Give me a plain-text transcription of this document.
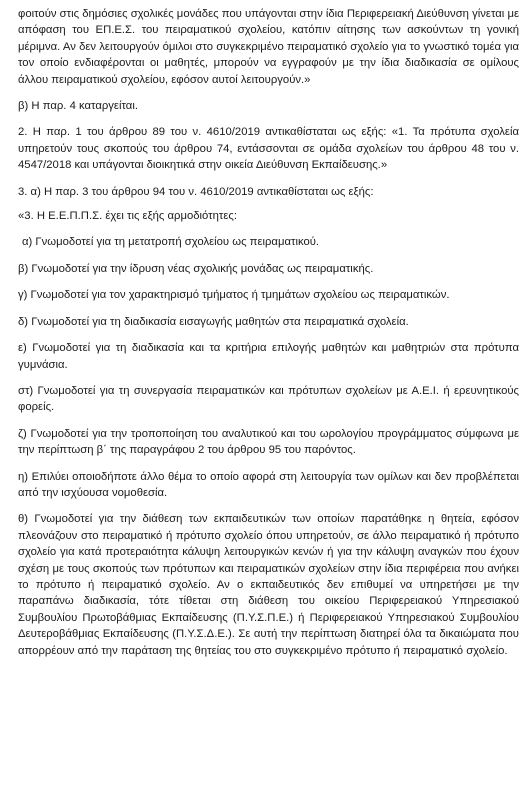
φοιτούν στις δημόσιες σχολικές μονάδες που υπάγονται στην ίδια Περιφερειακή Διεύθυνση γίνεται με απόφαση του ΕΠ.Ε.Σ. του πειραματικού σχολείου, κατόπιν αίτησης των ασκούντων τη γονική μέριμνα. Αν δεν λειτουργούν όμιλοι στο συγκεκριμένο πειραματικό σχολείο για το γνωστικό τομέα για τον οποίο ενδιαφέρονται οι μαθητές, μπορούν να εγγραφούν με την ίδια διαδικασία σε ομίλους άλλου πειραματικού σχολείου, εφόσον αυτοί λειτουργούν.»

β) Η παρ. 4 καταργείται.

2. Η παρ. 1 του άρθρου 89 του ν. 4610/2019 αντικαθίσταται ως εξής: «1. Τα πρότυπα σχολεία υπηρετούν τους σκοπούς του άρθρου 74, εντάσσονται σε ομάδα σχολείων του άρθρου 48 του ν. 4547/2018 και υπάγονται διοικητικά στην οικεία Διεύθυνση Εκπαίδευσης.»

3. α) Η παρ. 3 του άρθρου 94 του ν. 4610/2019 αντικαθίσταται ως εξής:

«3. Η Ε.Ε.Π.Π.Σ. έχει τις εξής αρμοδιότητες:

α) Γνωμοδοτεί για τη μετατροπή σχολείου ως πειραματικού.

β) Γνωμοδοτεί για την ίδρυση νέας σχολικής μονάδας ως πειραματικής.

γ) Γνωμοδοτεί για τον χαρακτηρισμό τμήματος ή τμημάτων σχολείου ως πειραματικών.

δ) Γνωμοδοτεί για τη διαδικασία εισαγωγής μαθητών στα πειραματικά σχολεία.

ε) Γνωμοδοτεί για τη διαδικασία και τα κριτήρια επιλογής μαθητών και μαθητριών στα πρότυπα γυμνάσια.

στ) Γνωμοδοτεί για τη συνεργασία πειραματικών και πρότυπων σχολείων με Α.Ε.Ι. ή ερευνητικούς φορείς.

ζ) Γνωμοδοτεί για την τροποποίηση του αναλυτικού και του ωρολογίου προγράμματος σύμφωνα με την περίπτωση β΄ της παραγράφου 2 του άρθρου 95 του παρόντος.

η) Επιλύει οποιοδήποτε άλλο θέμα το οποίο αφορά στη λειτουργία των ομίλων και δεν προβλέπεται από την ισχύουσα νομοθεσία.

θ) Γνωμοδοτεί για την διάθεση των εκπαιδευτικών των οποίων παρατάθηκε η θητεία, εφόσον πλεονάζουν στο πειραματικό ή πρότυπο σχολείο όπου υπηρετούν, σε άλλο πειραματικό ή πρότυπο σχολείο για κατά προτεραιότητα κάλυψη λειτουργικών κενών ή για την κάλυψη αναγκών που έχουν σχέση με τους σκοπούς των πρότυπων και πειραματικών σχολείων στην ίδια περιφέρεια που ανήκει το πρότυπο ή πειραματικό σχολείο. Αν ο εκπαιδευτικός δεν επιθυμεί να υπηρετήσει με την παραπάνω διαδικασία, τότε τίθεται στη διάθεση του οικείου Περιφερειακού Υπηρεσιακού Συμβουλίου Πρωτοβάθμιας Εκπαίδευσης (Π.Υ.Σ.Π.Ε.) ή Περιφερειακού Υπηρεσιακού Συμβουλίου Δευτεροβάθμιας Εκπαίδευσης (Π.Υ.Σ.Δ.Ε.). Σε αυτή την περίπτωση διατηρεί όλα τα δικαιώματα που απορρέουν από την παράταση της θητείας του στο συγκεκριμένο πρότυπο ή πειραματικό σχολείο.
